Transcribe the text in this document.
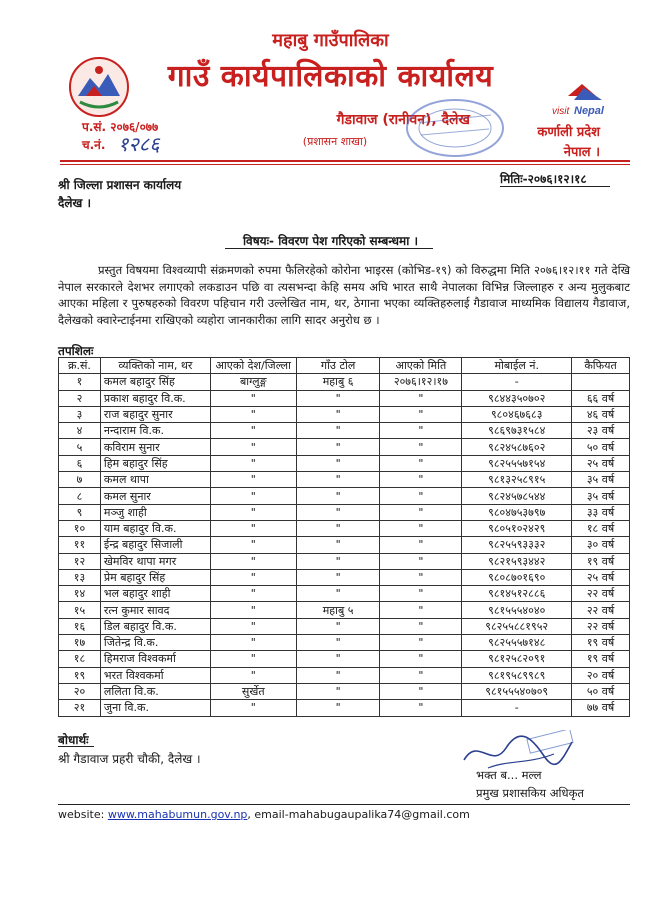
महाबु गाउँपालिका
गाउँ कार्यपालिकाको कार्यालय
गैडावाज (रानीवन), दैलेख
(प्रशासन शाखा)
प.सं. २०७६/०७७
च.नं. १२८६
visit Nepal
कर्णाली प्रदेश
नेपाल ।
मितिः-२०७६।१२।१८
श्री जिल्ला प्रशासन कार्यालय
दैलेख ।
विषयः- विवरण पेश गरिएको सम्बन्धमा ।
प्रस्तुत विषयमा विश्वव्यापी संक्रमणको रुपमा फैलिरहेको कोरोना भाइरस (कोभिड-१९) को विरुद्धमा मिति २०७६।१२।११ गते देखि नेपाल सरकारले देशभर लगाएको लकडाउन पछि वा त्यसभन्दा केहि समय अघि भारत साथै नेपालका विभिन्न जिल्लाहरु र अन्य मुलुकबाट आएका महिला र पुरुषहरुको विवरण पहिचान गरी उल्लेखित नाम, थर, ठेगाना भएका व्यक्तिहरुलाई गैडावाज माध्यमिक विद्यालय गैडावाज, दैलेखको क्वारेन्टाईनमा राखिएको व्यहोरा जानकारीका लागि सादर अनुरोध छ ।
तपशिलः
क्र.सं.	व्यक्तिको नाम, थर	आएको देश/जिल्ला	गाँउ टोल	आएको मिति	मोबाईल नं.	कैफियत
१	कमल बहादुर सिंह	बाग्लुङ्ग	महाबु ६	२०७६।१२।१७	-	
२	प्रकाश बहादुर वि.क.	"	"	"	९८४४३५०७०२	६६ वर्ष
३	राज बहादुर सुनार	"	"	"	९८०४६७६८३	४६ वर्ष
४	नन्दाराम वि.क.	"	"	"	९८६९७३१५८४	२३ वर्ष
५	कविराम सुनार	"	"	"	९८२४५८७६०२	५० वर्ष
६	हिम बहादुर सिंह	"	"	"	९८२५५५७१५४	२५ वर्ष
७	कमल थापा	"	"	"	९८१३२५८९१५	३५ वर्ष
८	कमल सुनार	"	"	"	९८२४५७८५४४	३५ वर्ष
९	मञ्जु शाही	"	"	"	९८०४७५३७९७	३३ वर्ष
१०	याम बहादुर वि.क.	"	"	"	९८०५१०२४२९	१८ वर्ष
११	ईन्द्र बहादुर सिजाली	"	"	"	९८२५५९३३३२	३० वर्ष
१२	खेमविर थापा मगर	"	"	"	९८२१५९३४४२	१९ वर्ष
१३	प्रेम बहादुर सिंह	"	"	"	९८०८७०१६९०	२५ वर्ष
१४	भल बहादुर शाही	"	"	"	९८१४५१२८८६	२२ वर्ष
१५	रत्न कुमार सावद	"	महाबु ५	"	९८१५५५४०४०	२२ वर्ष
१६	डिल बहादुर वि.क.	"	"	"	९८२५५८८१९५२	२२ वर्ष
१७	जितेन्द्र वि.क.	"	"	"	९८२५५५७१४८	१९ वर्ष
१८	हिमराज विश्वकर्मा	"	"	"	९८१२५८२०९१	१९ वर्ष
१९	भरत विश्वकर्मा	"	"	"	९८१९५८९९८९	२० वर्ष
२०	ललिता वि.क.	सुर्खेत	"	"	९८१५५५४०७०९	५० वर्ष
२१	जुना वि.क.	"	"	"	-	७७ वर्ष
बोधार्थः
श्री गैडावाज प्रहरी चौकी, दैलेख ।
भक्त ब... मल्ल
प्रमुख प्रशासकिय अधिकृत
website: www.mahabumun.gov.np, email-mahabugaupalika74@gmail.com
